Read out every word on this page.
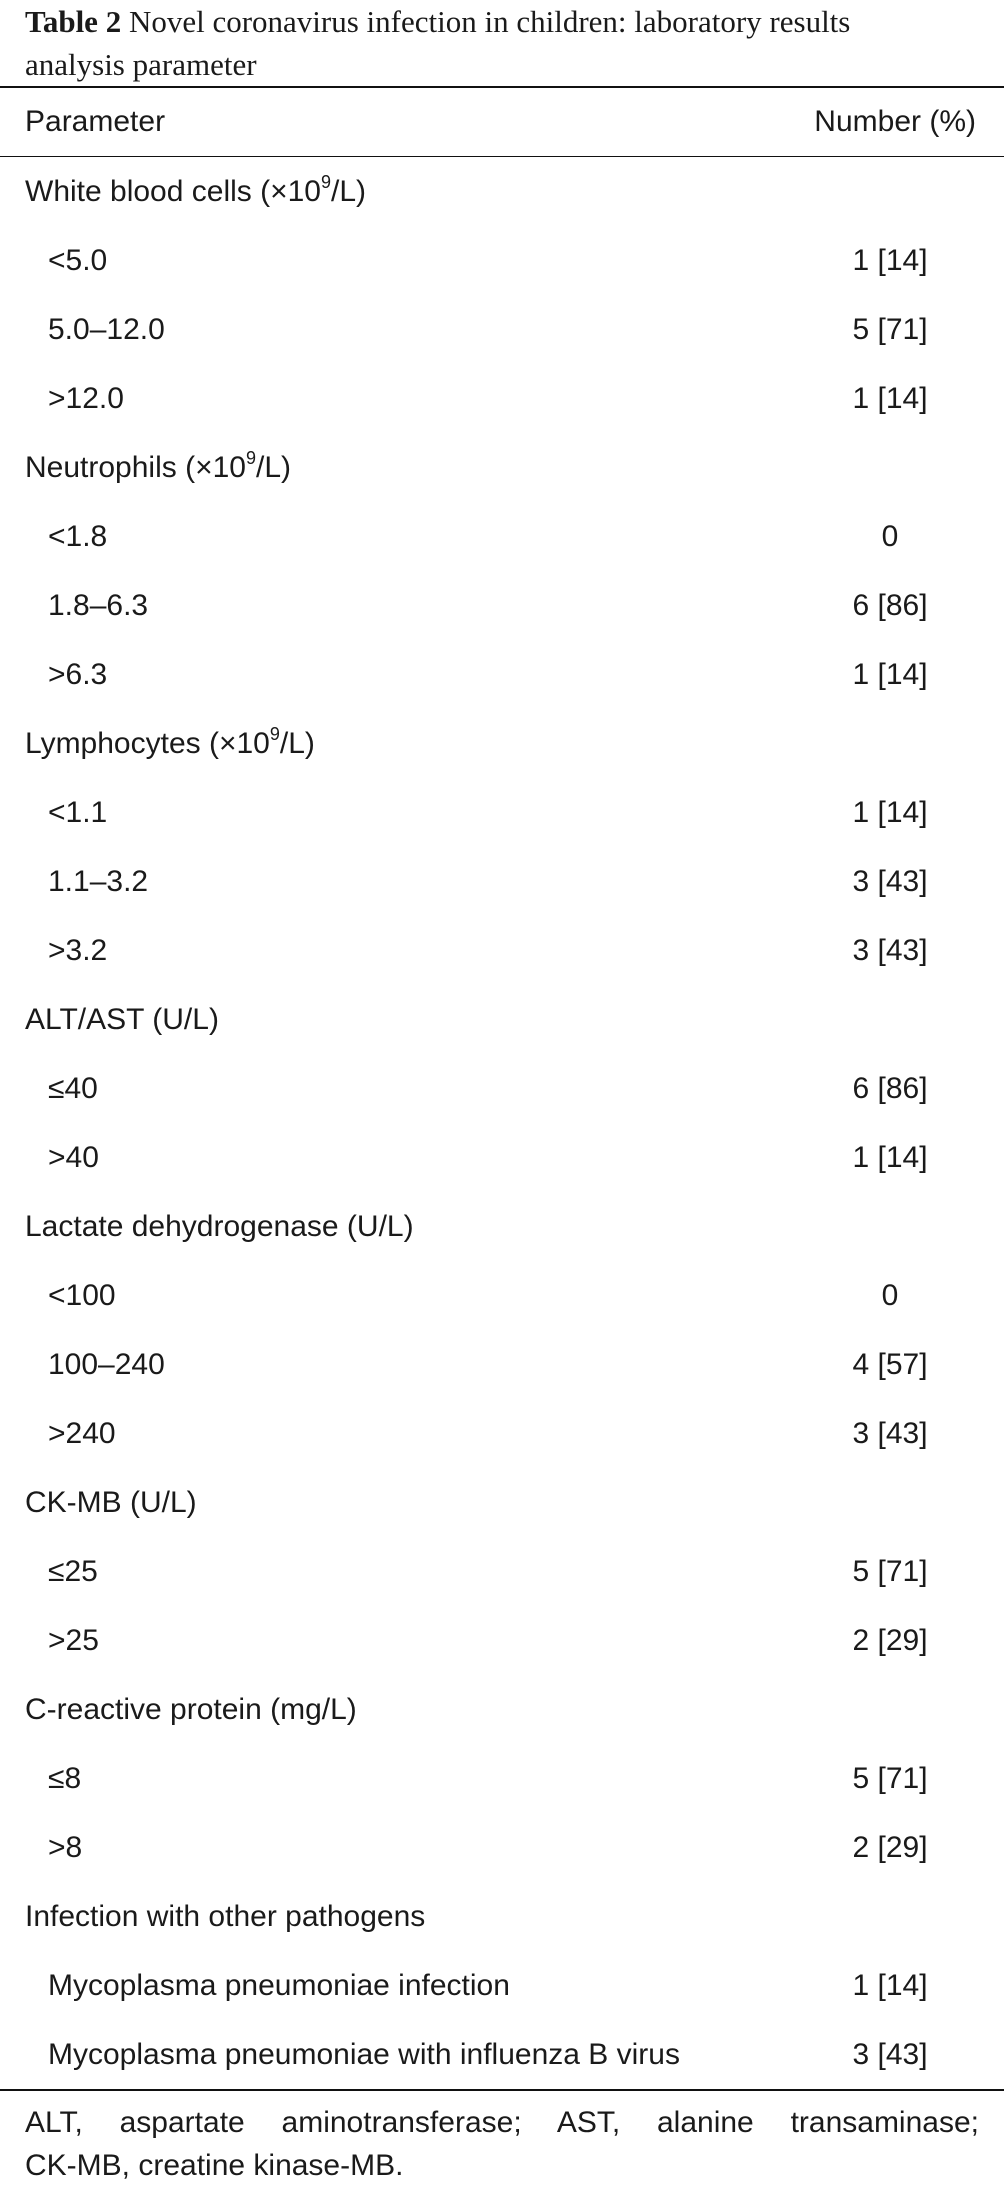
Table 2 Novel coronavirus infection in children: laboratory results
analysis parameter
Parameter	Number (%)
White blood cells $(\times 10^9/L)$	
<5.0	1 [14]
5.0–12.0	5 [71]
>12.0	1 [14]
Neutrophils $(\times 10^9/L)$	
<1.8	0
1.8–6.3	6 [86]
>6.3	1 [14]
Lymphocytes $(\times 10^9/L)$	
<1.1	1 [14]
1.1–3.2	3 [43]
>3.2	3 [43]
ALT/AST (U/L)	
≤40	6 [86]
>40	1 [14]
Lactate dehydrogenase (U/L)	
<100	0
100–240	4 [57]
>240	3 [43]
CK-MB (U/L)	
≤25	5 [71]
>25	2 [29]
C-reactive protein (mg/L)	
≤8	5 [71]
>8	2 [29]
Infection with other pathogens	
Mycoplasma pneumoniae infection	1 [14]
Mycoplasma pneumoniae with influenza B virus	3 [43]
ALT, aspartate aminotransferase; AST, alanine transaminase;
CK-MB, creatine kinase-MB.
